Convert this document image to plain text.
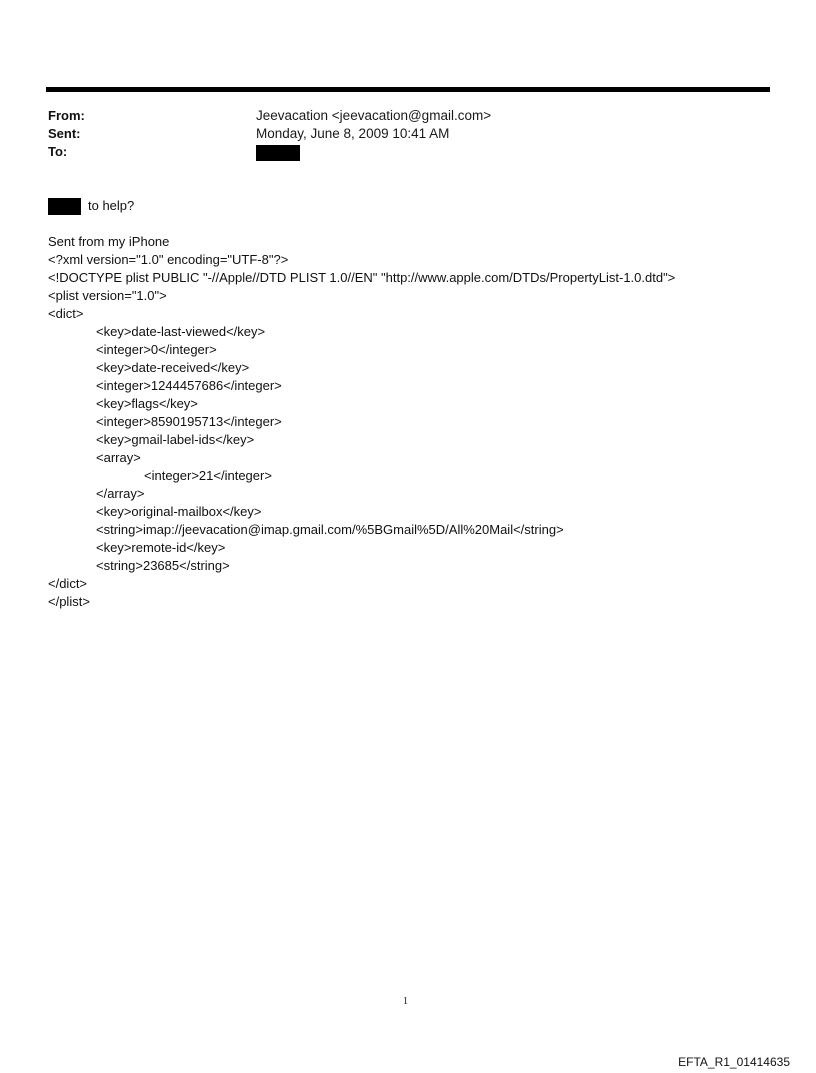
From:	Jeevacation <jeevacation@gmail.com>
Sent:	Monday, June 8, 2009 10:41 AM
To:
to help?
Sent from my iPhone
<?xml version="1.0" encoding="UTF-8"?>
<!DOCTYPE plist PUBLIC "-//Apple//DTD PLIST 1.0//EN" "http://www.apple.com/DTDs/PropertyList-1.0.dtd">
<plist version="1.0">
<dict>
<key>date-last-viewed</key>
<integer>0</integer>
<key>date-received</key>
<integer>1244457686</integer>
<key>flags</key>
<integer>8590195713</integer>
<key>gmail-label-ids</key>
<array>
<integer>21</integer>
</array>
<key>original-mailbox</key>
<string>imap://jeevacation@imap.gmail.com/%5BGmail%5D/All%20Mail</string>
<key>remote-id</key>
<string>23685</string>
</dict>
</plist>
1
EFTA_R1_01414635
